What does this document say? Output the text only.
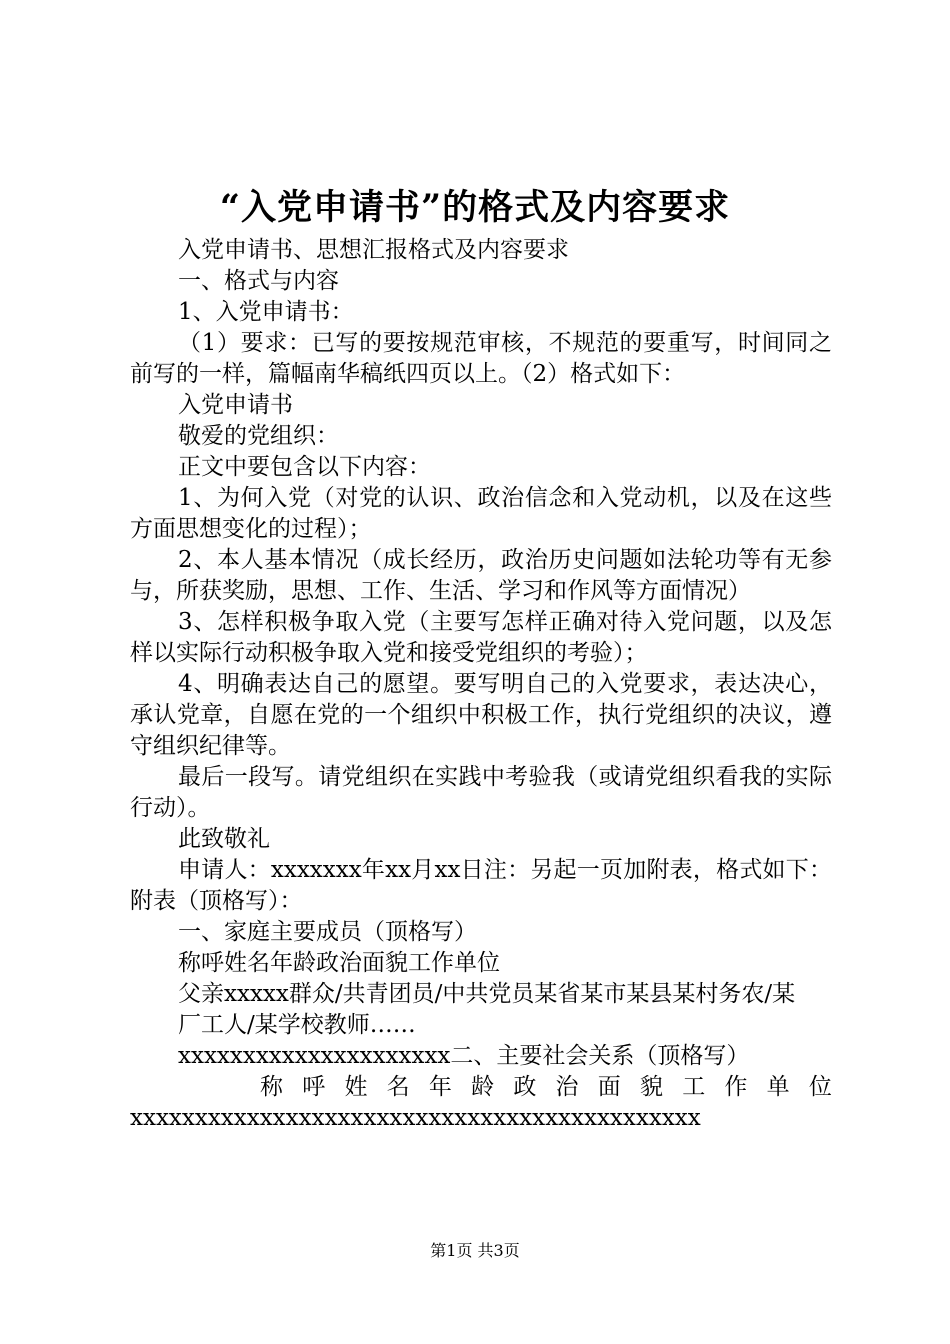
“入党申请书”的格式及内容要求

入党申请书、思想汇报格式及内容要求

一、格式与内容

1、入党申请书：

（1）要求：已写的要按规范审核，不规范的要重写，时间同之前写的一样，篇幅南华稿纸四页以上。（2）格式如下：

入党申请书

敬爱的党组织：

正文中要包含以下内容：

1、为何入党（对党的认识、政治信念和入党动机，以及在这些方面思想变化的过程）；

2、本人基本情况（成长经历，政治历史问题如法轮功等有无参与，所获奖励，思想、工作、生活、学习和作风等方面情况）

3、怎样积极争取入党（主要写怎样正确对待入党问题，以及怎样以实际行动积极争取入党和接受党组织的考验）；

4、明确表达自己的愿望。要写明自己的入党要求，表达决心，承认党章，自愿在党的一个组织中积极工作，执行党组织的决议，遵守组织纪律等。

最后一段写。请党组织在实践中考验我（或请党组织看我的实际行动）。

此致敬礼

申请人：xxxxxxx年xx月xx日注：另起一页加附表，格式如下：附表（顶格写）：

一、家庭主要成员（顶格写）

称呼姓名年龄政治面貌工作单位

父亲xxxxx群众/共青团员/中共党员某省某市某县某村务农/某

厂工人/某学校教师……

xxxxxxxxxxxxxxxxxxxxx二、主要社会关系（顶格写）

称 呼 姓 名 年 龄 政 治 面 貌 工 作 单 位

xxxxxxxxxxxxxxxxxxxxxxxxxxxxxxxxxxxxxxxxxxxx

第1页 共3页
